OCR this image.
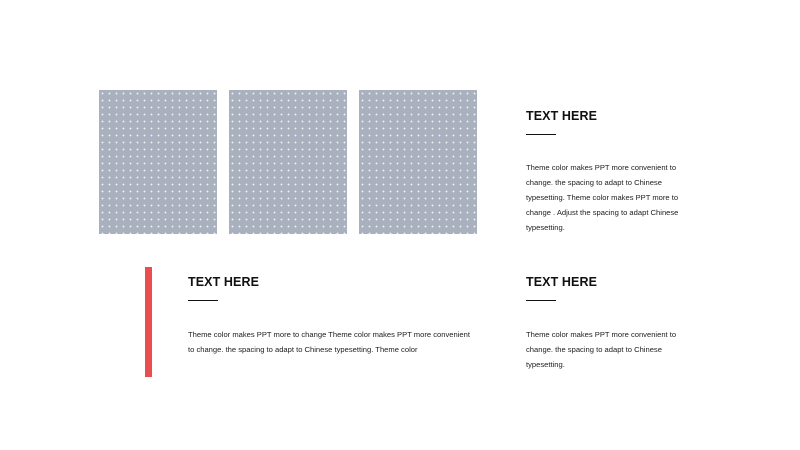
TEXT HERE

Theme color makes PPT more convenient to change. the spacing to adapt to Chinese typesetting. Theme color makes PPT more to change . Adjust the spacing to adapt Chinese typesetting.

TEXT HERE

Theme color makes PPT more to change Theme color makes PPT more convenient to change. the spacing to adapt to Chinese typesetting. Theme color

TEXT HERE

Theme color makes PPT more convenient to change. the spacing to adapt to Chinese typesetting.
